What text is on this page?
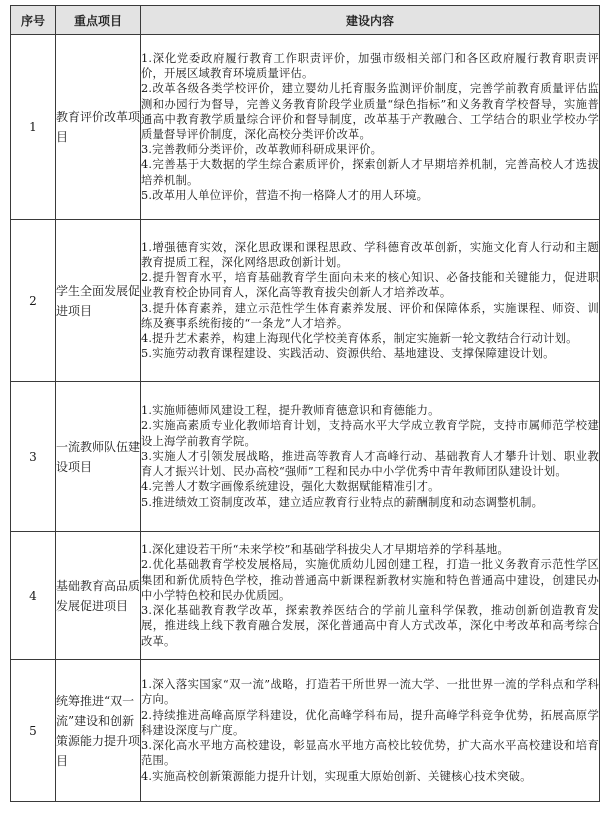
序号	重点项目	建设内容
1	教育评价改革项目	1.深化党委政府履行教育工作职责评价，加强市级相关部门和各区政府履行教育职责评价，开展区域教育环境质量评估。

2.改革各级各类学校评价，建立婴幼儿托育服务监测评价制度，完善学前教育质量评估监测和办园行为督导，完善义务教育阶段学业质量“绿色指标”和义务教育学校督导，实施普通高中教育教学质量综合评价和督导制度，改革基于产教融合、工学结合的职业学校办学质量督导评价制度，深化高校分类评价改革。

3.完善教师分类评价，改革教师科研成果评价。

4.完善基于大数据的学生综合素质评价，探索创新人才早期培养机制，完善高校人才选拔培养机制。

5.改革用人单位评价，营造不拘一格降人才的用人环境。

2	学生全面发展促进项目	1.增强德育实效，深化思政课和课程思政、学科德育改革创新，实施文化育人行动和主题教育提质工程，深化网络思政创新计划。

2.提升智育水平，培育基础教育学生面向未来的核心知识、必备技能和关键能力，促进职业教育校企协同育人，深化高等教育拔尖创新人才培养改革。

3.提升体育素养，建立示范性学生体育素养发展、评价和保障体系，实施课程、师资、训练及赛事系统衔接的“一条龙”人才培养。

4.提升艺术素养，构建上海现代化学校美育体系，制定实施新一轮文教结合行动计划。

5.实施劳动教育课程建设、实践活动、资源供给、基地建设、支撑保障建设计划。

3	一流教师队伍建设项目	1.实施师德师风建设工程，提升教师育德意识和育德能力。

2.实施高素质专业化教师培育计划，支持高水平大学成立教育学院，支持市属师范学校建设上海学前教育学院。

3.实施人才引领发展战略，推进高等教育人才高峰行动、基础教育人才攀升计划、职业教育人才振兴计划、民办高校“强师”工程和民办中小学优秀中青年教师团队建设计划。

4.完善人才数字画像系统建设，强化大数据赋能精准引才。

5.推进绩效工资制度改革，建立适应教育行业特点的薪酬制度和动态调整机制。

4	基础教育高品质发展促进项目	1.深化建设若干所“未来学校”和基础学科拔尖人才早期培养的学科基地。

2.优化基础教育学校发展格局，实施优质幼儿园创建工程，打造一批义务教育示范性学区集团和新优质特色学校，推动普通高中新课程新教材实施和特色普通高中建设，创建民办中小学特色校和民办优质园。

3.深化基础教育教学改革，探索教养医结合的学前儿童科学保教，推动创新创造教育发展，推进线上线下教育融合发展，深化普通高中育人方式改革，深化中考改革和高考综合改革。

5	统筹推进“双一流”建设和创新策源能力提升项目	1.深入落实国家“双一流”战略，打造若干所世界一流大学、一批世界一流的学科点和学科方向。

2.持续推进高峰高原学科建设，优化高峰学科布局，提升高峰学科竞争优势，拓展高原学科建设深度与广度。

3.深化高水平地方高校建设，彰显高水平地方高校比较优势，扩大高水平高校建设和培育范围。

4.实施高校创新策源能力提升计划，实现重大原始创新、关键核心技术突破。
